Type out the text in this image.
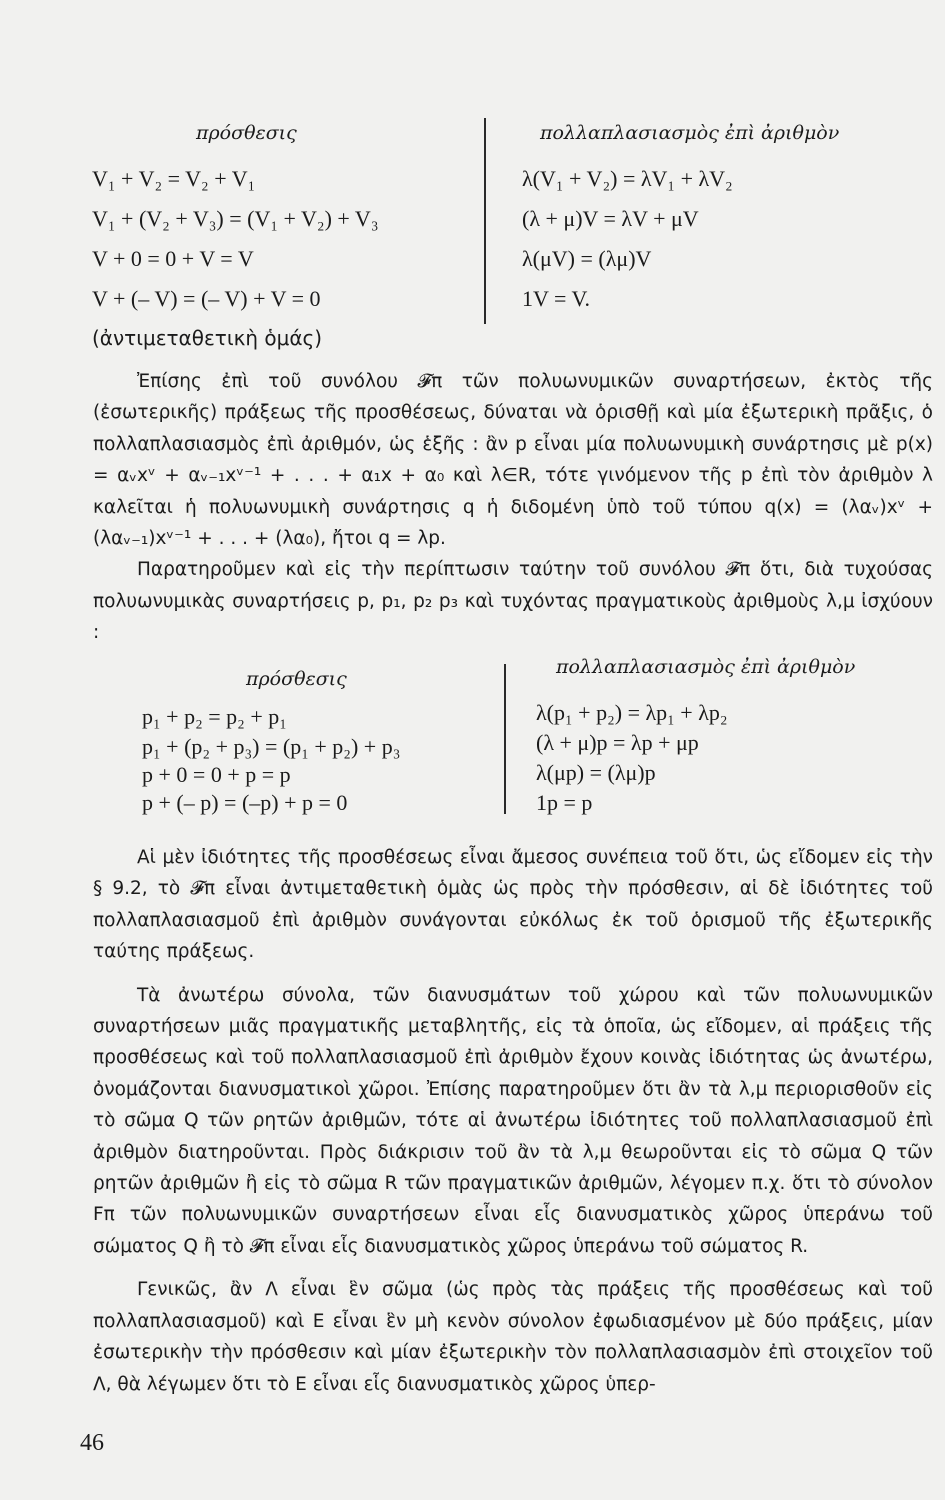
πρόσθεσις	πολλαπλασιασμὸς ἐπὶ ἀριθμὸν
V₁ + V₂ = V₂ + V₁
V₁ + (V₂ + V₃) = (V₁ + V₂) + V₃
V + 0 = 0 + V = V
V + (– V) = (– V) + V = 0
λ(V₁ + V₂) = λV₁ + λV₂
(λ + μ)V = λV + μV
λ(μV) = (λμ)V
1V = V.
(ἀντιμεταθετικὴ ὁμάς)

Ἐπίσης ἐπὶ τοῦ συνόλου 𝓕π τῶν πολυωνυμικῶν συναρτήσεων, ἐκτὸς τῆς (ἐσωτερικῆς) πράξεως τῆς προσθέσεως, δύναται νὰ ὁρισθῇ καὶ μία ἐξωτερικὴ πρᾶξις, ὁ πολλαπλασιασμὸς ἐπὶ ἀριθμόν, ὡς ἑξῆς : ἂν p εἶναι μία πολυωνυμικὴ συνάρτησις μὲ p(x) = αᵥxᵛ + αᵥ₋₁xᵛ⁻¹ + . . . + α₁x + α₀ καὶ λ∈R, τότε γινόμενον τῆς p ἐπὶ τὸν ἀριθμὸν λ καλεῖται ἡ πολυωνυμικὴ συνάρτησις q ἡ διδομένη ὑπὸ τοῦ τύπου q(x) = (λαᵥ)xᵛ + (λαᵥ₋₁)xᵛ⁻¹ + . . . + (λα₀), ἤτοι q = λp.

Παρατηροῦμεν καὶ εἰς τὴν περίπτωσιν ταύτην τοῦ συνόλου 𝓕π ὅτι, διὰ τυχούσας πολυωνυμικὰς συναρτήσεις p, p₁, p₂ p₃ καὶ τυχόντας πραγματικοὺς ἀριθμοὺς λ,μ ἰσχύουν :

πρόσθεσις
πολλαπλασιασμὸς ἐπὶ ἀριθμὸν
p₁ + p₂ = p₂ + p₁
p₁ + (p₂ + p₃) = (p₁ + p₂) + p₃
p + 0 = 0 + p = p
p + (– p) = (–p) + p = 0
λ(p₁ + p₂) = λp₁ + λp₂
(λ + μ)p = λp + μp
λ(μp) = (λμ)p
1p = p

Αἱ μὲν ἰδιότητες τῆς προσθέσεως εἶναι ἄμεσος συνέπεια τοῦ ὅτι, ὡς εἴδομεν εἰς τὴν § 9.2, τὸ 𝓕π εἶναι ἀντιμεταθετικὴ ὁμὰς ὡς πρὸς τὴν πρόσθεσιν, αἱ δὲ ἰδιότητες τοῦ πολλαπλασιασμοῦ ἐπὶ ἀριθμὸν συνάγονται εὐκόλως ἐκ τοῦ ὁρισμοῦ τῆς ἐξωτερικῆς ταύτης πράξεως.

Τὰ ἀνωτέρω σύνολα, τῶν διανυσμάτων τοῦ χώρου καὶ τῶν πολυωνυμικῶν συναρτήσεων μιᾶς πραγματικῆς μεταβλητῆς, εἰς τὰ ὁποῖα, ὡς εἴδομεν, αἱ πράξεις τῆς προσθέσεως καὶ τοῦ πολλαπλασιασμοῦ ἐπὶ ἀριθμὸν ἔχουν κοινὰς ἰδιότητας ὡς ἀνωτέρω, ὀνομάζονται διανυσματικοὶ χῶροι. Ἐπίσης παρατηροῦμεν ὅτι ἂν τὰ λ,μ περιορισθοῦν εἰς τὸ σῶμα Q τῶν ρητῶν ἀριθμῶν, τότε αἱ ἀνωτέρω ἰδιότητες τοῦ πολλαπλασιασμοῦ ἐπὶ ἀριθμὸν διατηροῦνται. Πρὸς διάκρισιν τοῦ ἂν τὰ λ,μ θεωροῦνται εἰς τὸ σῶμα Q τῶν ρητῶν ἀριθμῶν ἢ εἰς τὸ σῶμα R τῶν πραγματικῶν ἀριθμῶν, λέγομεν π.χ. ὅτι τὸ σύνολον Fπ τῶν πολυωνυμικῶν συναρτήσεων εἶναι εἷς διανυσματικὸς χῶρος ὑπεράνω τοῦ σώματος Q ἢ τὸ 𝓕π εἶναι εἷς διανυσματικὸς χῶρος ὑπεράνω τοῦ σώματος R.

Γενικῶς, ἂν Λ εἶναι ἓν σῶμα (ὡς πρὸς τὰς πράξεις τῆς προσθέσεως καὶ τοῦ πολλαπλασιασμοῦ) καὶ E εἶναι ἓν μὴ κενὸν σύνολον ἐφωδιασμένον μὲ δύο πράξεις, μίαν ἐσωτερικὴν τὴν πρόσθεσιν καὶ μίαν ἐξωτερικὴν τὸν πολλαπλασιασμὸν ἐπὶ στοιχεῖον τοῦ Λ, θὰ λέγωμεν ὅτι τὸ E εἶναι εἷς διανυσματικὸς χῶρος ὑπερ-

46
